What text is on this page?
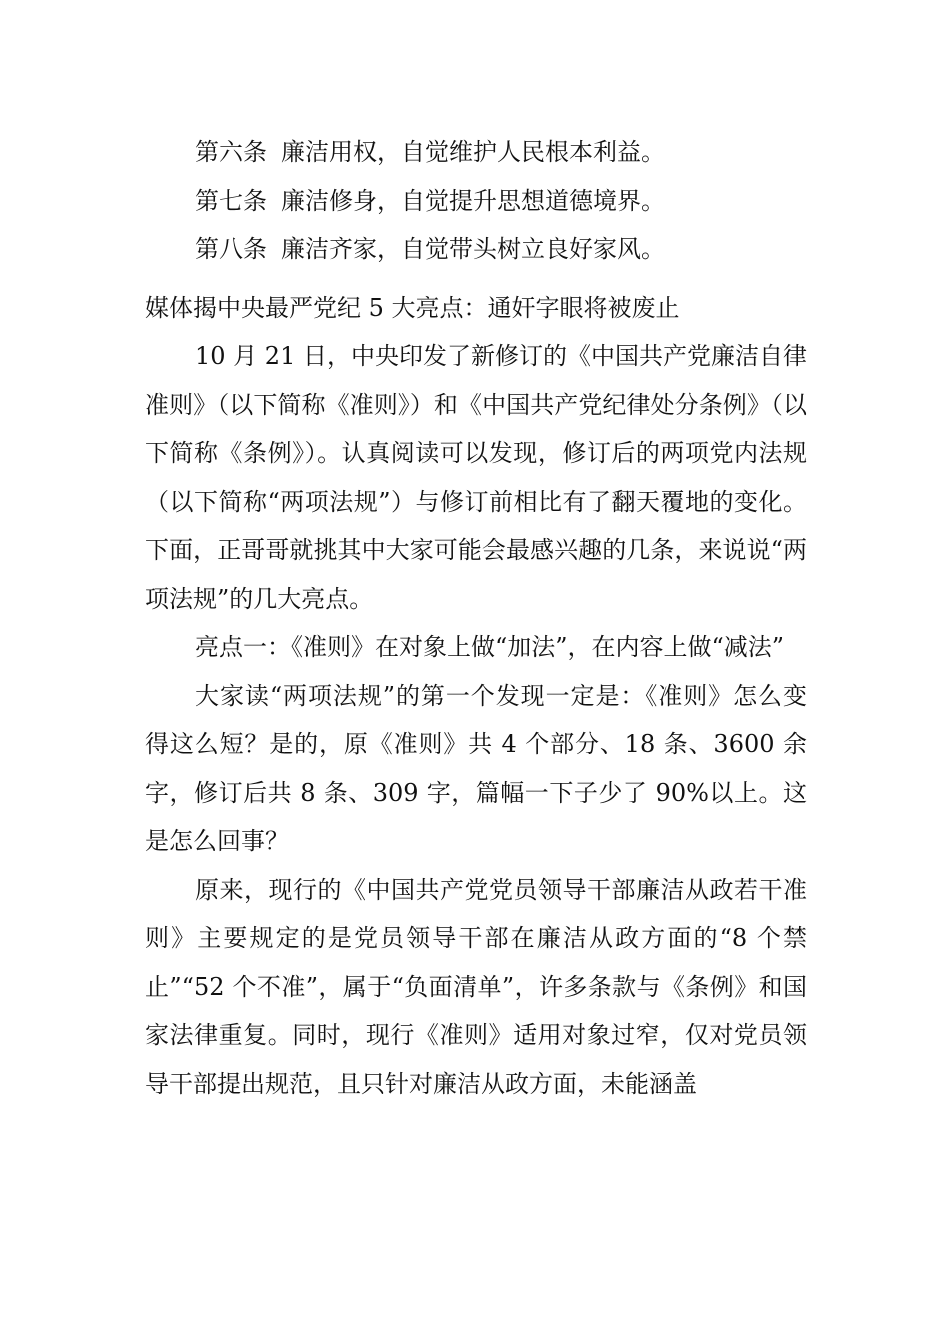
第六条 廉洁用权，自觉维护人民根本利益。

第七条 廉洁修身，自觉提升思想道德境界。

第八条 廉洁齐家，自觉带头树立良好家风。

媒体揭中央最严党纪 5 大亮点：通奸字眼将被废止

10 月 21 日，中央印发了新修订的《中国共产党廉洁自律准则》（以下简称《准则》）和《中国共产党纪律处分条例》（以下简称《条例》）。认真阅读可以发现，修订后的两项党内法规（以下简称“两项法规”）与修订前相比有了翻天覆地的变化。下面，正哥哥就挑其中大家可能会最感兴趣的几条，来说说“两项法规”的几大亮点。

亮点一：《准则》在对象上做“加法”，在内容上做“减法”

大家读“两项法规”的第一个发现一定是：《准则》怎么变得这么短？是的，原《准则》共 4 个部分、18 条、3600 余字，修订后共 8 条、309 字，篇幅一下子少了 90%以上。这是怎么回事？

原来，现行的《中国共产党党员领导干部廉洁从政若干准则》主要规定的是党员领导干部在廉洁从政方面的“8 个禁止”“52 个不准”，属于“负面清单”，许多条款与《条例》和国家法律重复。同时，现行《准则》适用对象过窄，仅对党员领导干部提出规范，且只针对廉洁从政方面，未能涵盖
